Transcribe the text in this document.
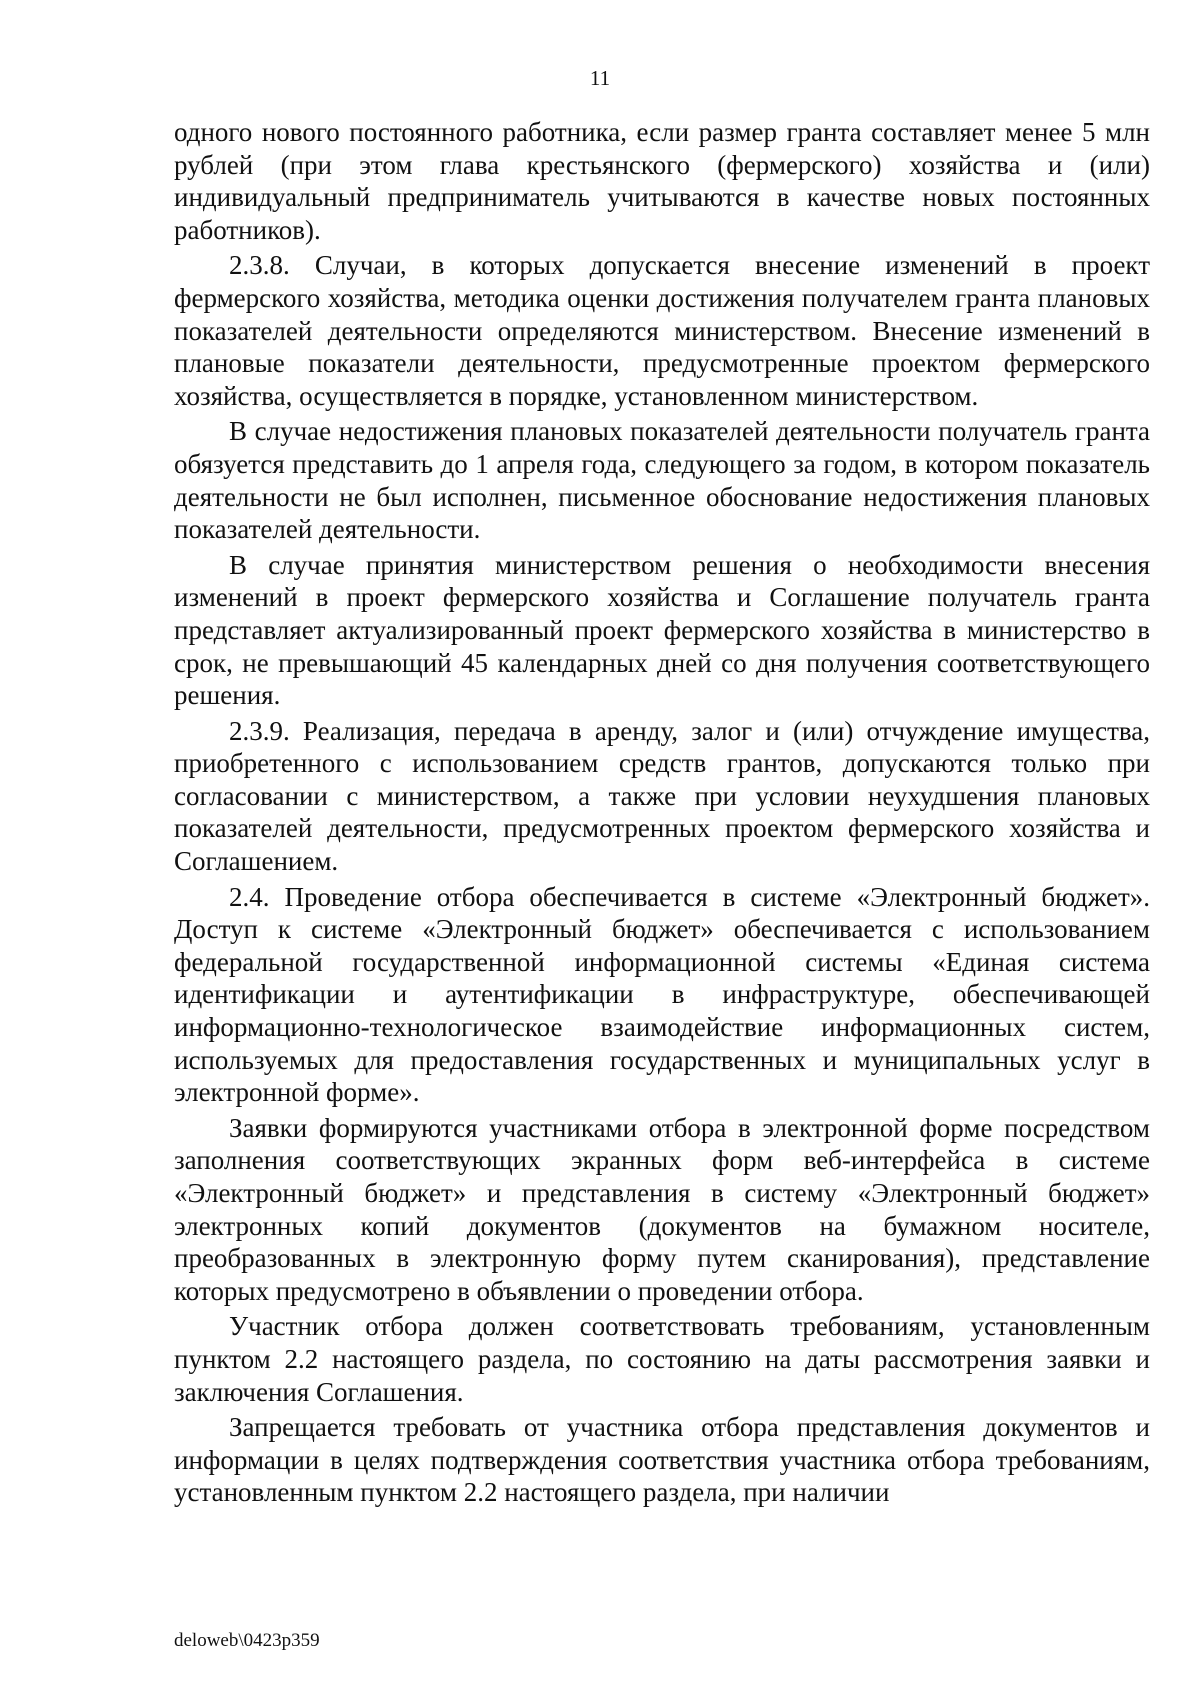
11

одного нового постоянного работника, если размер гранта составляет менее 5 млн рублей (при этом глава крестьянского (фермерского) хозяйства и (или) индивидуальный предприниматель учитываются в качестве новых постоянных работников).

2.3.8. Случаи, в которых допускается внесение изменений в проект фермерского хозяйства, методика оценки достижения получателем гранта плановых показателей деятельности определяются министерством. Внесение изменений в плановые показатели деятельности, предусмотренные проектом фермерского хозяйства, осуществляется в порядке, установленном министерством.

В случае недостижения плановых показателей деятельности получатель гранта обязуется представить до 1 апреля года, следующего за годом, в котором показатель деятельности не был исполнен, письменное обоснование недостижения плановых показателей деятельности.

В случае принятия министерством решения о необходимости внесения изменений в проект фермерского хозяйства и Соглашение получатель гранта представляет актуализированный проект фермерского хозяйства в министерство в срок, не превышающий 45 календарных дней со дня получения соответствующего решения.

2.3.9. Реализация, передача в аренду, залог и (или) отчуждение имущества, приобретенного с использованием средств грантов, допускаются только при согласовании с министерством, а также при условии неухудшения плановых показателей деятельности, предусмотренных проектом фермерского хозяйства и Соглашением.

2.4. Проведение отбора обеспечивается в системе «Электронный бюджет». Доступ к системе «Электронный бюджет» обеспечивается с использованием федеральной государственной информационной системы «Единая система идентификации и аутентификации в инфраструктуре, обеспечивающей информационно-технологическое взаимодействие информационных систем, используемых для предоставления государственных и муниципальных услуг в электронной форме».

Заявки формируются участниками отбора в электронной форме посредством заполнения соответствующих экранных форм веб-интерфейса в системе «Электронный бюджет» и представления в систему «Электронный бюджет» электронных копий документов (документов на бумажном носителе, преобразованных в электронную форму путем сканирования), представление которых предусмотрено в объявлении о проведении отбора.

Участник отбора должен соответствовать требованиям, установленным пунктом 2.2 настоящего раздела, по состоянию на даты рассмотрения заявки и заключения Соглашения.

Запрещается требовать от участника отбора представления документов и информации в целях подтверждения соответствия участника отбора требованиям, установленным пунктом 2.2 настоящего раздела, при наличии

deloweb\0423p359
